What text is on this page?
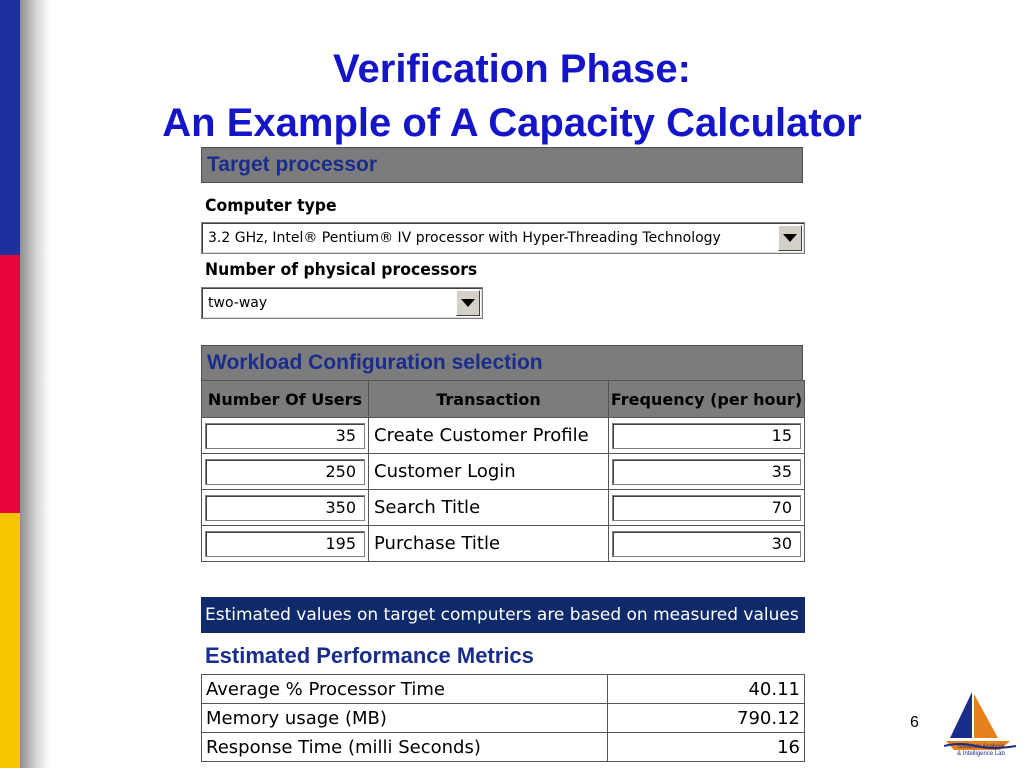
Verification Phase:
An Example of A Capacity Calculator
Target processor
Computer type
3.2 GHz, Intel® Pentium® IV processor with Hyper-Threading Technology
Number of physical processors
two-way
Workload Configuration selection
Number Of Users	Transaction	Frequency (per hour)

35	Create Customer Profile	15

250	Customer Login	35

350	Search Title	70

195	Purchase Title	30
Estimated values on target computers are based on measured values
Estimated Performance Metrics
Average % Processor Time	40.11
Memory usage (MB)	790.12
Response Time (milli Seconds)	16
6
Software Analysis
& Intelligence Lab
